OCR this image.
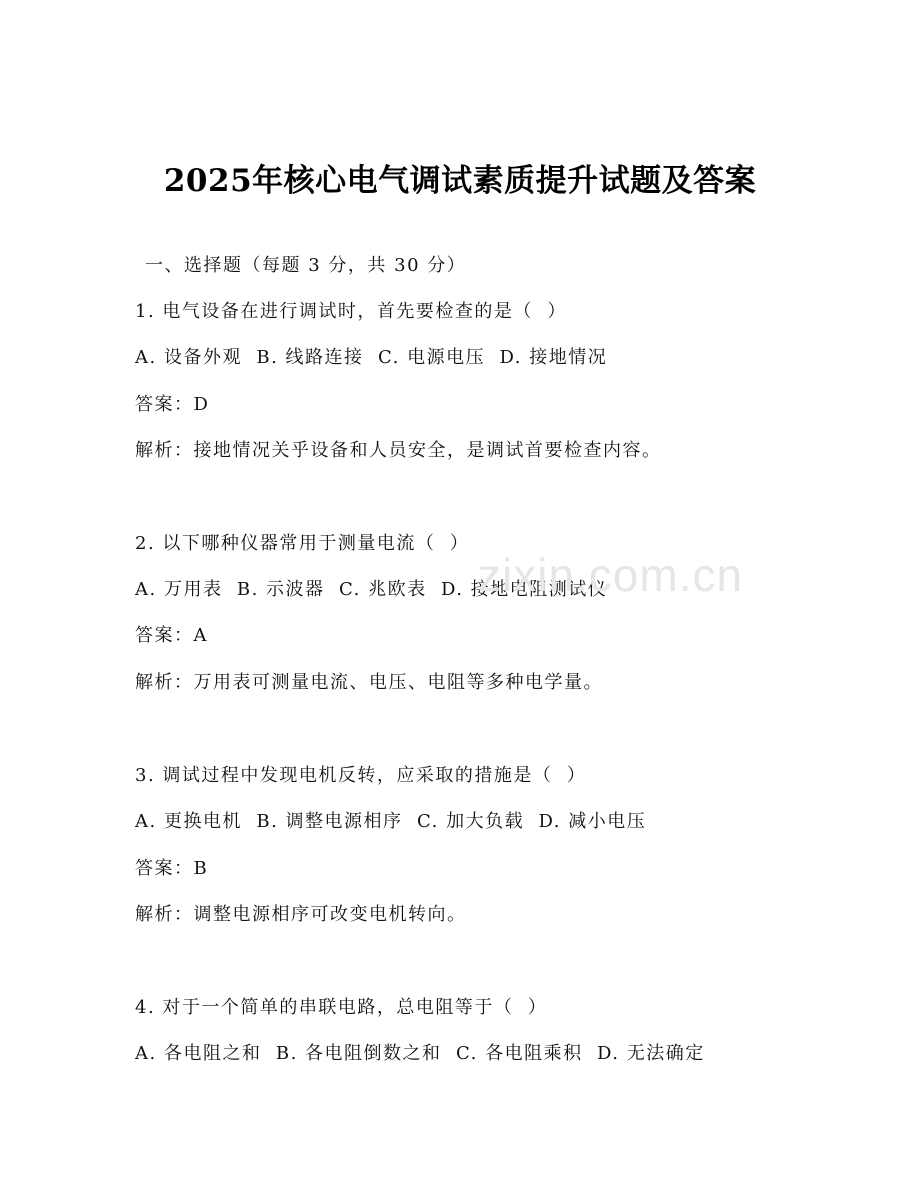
2025年核心电气调试素质提升试题及答案
一、选择题（每题 3 分，共 30 分）
1. 电气设备在进行调试时，首先要检查的是（  ）
A. 设备外观  B. 线路连接  C. 电源电压  D. 接地情况
答案：D
解析：接地情况关乎设备和人员安全，是调试首要检查内容。
2. 以下哪种仪器常用于测量电流（  ）
A. 万用表  B. 示波器  C. 兆欧表  D. 接地电阻测试仪
答案：A
解析：万用表可测量电流、电压、电阻等多种电学量。
3. 调试过程中发现电机反转，应采取的措施是（  ）
A. 更换电机  B. 调整电源相序  C. 加大负载  D. 减小电压
答案：B
解析：调整电源相序可改变电机转向。
4. 对于一个简单的串联电路，总电阻等于（  ）
A. 各电阻之和  B. 各电阻倒数之和  C. 各电阻乘积  D. 无法确定
zixin.com.cn
